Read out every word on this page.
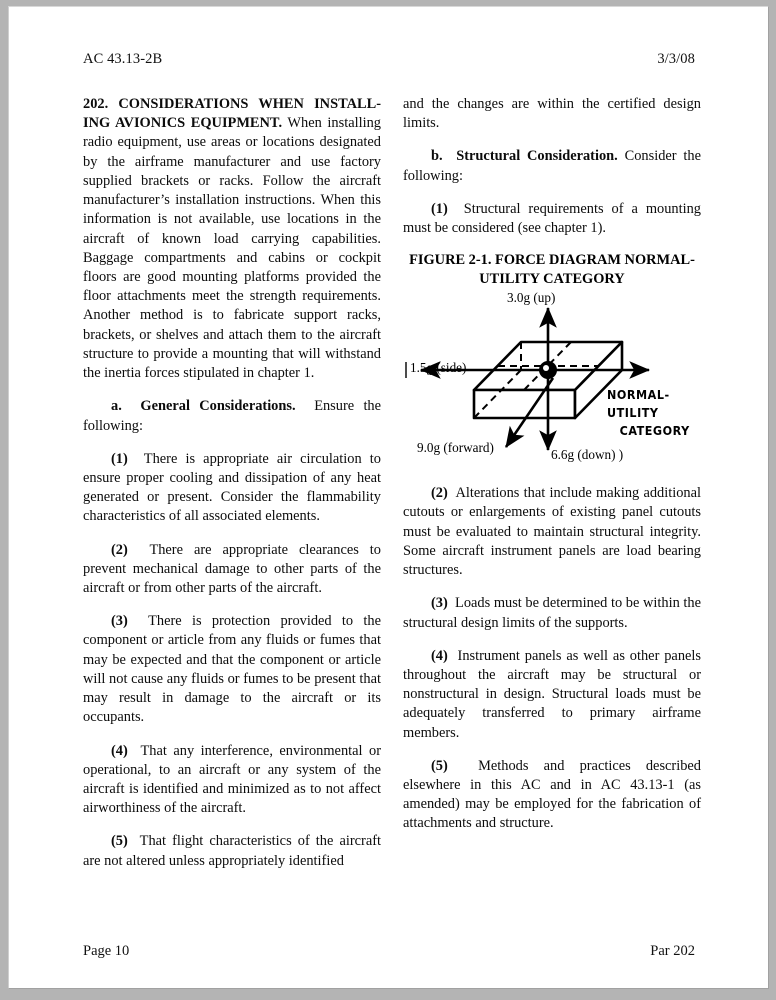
AC 43.13-2B	3/3/08

202. CONSIDERATIONS WHEN INSTALL-ING AVIONICS EQUIPMENT. When installing radio equipment, use areas or locations designated by the airframe manufacturer and use factory supplied brackets or racks. Follow the aircraft manufacturer’s installation instructions. When this information is not available, use locations in the aircraft of known load carrying capabilities. Baggage compartments and cabins or cockpit floors are good mounting platforms provided the floor attachments meet the strength requirements. Another method is to fabricate support racks, brackets, or shelves and attach them to the aircraft structure to provide a mounting that will withstand the inertia forces stipulated in chapter 1.

a. General Considerations. Ensure the following:

(1) There is appropriate air circulation to ensure proper cooling and dissipation of any heat generated or present. Consider the flammability characteristics of all associated elements.

(2) There are appropriate clearances to prevent mechanical damage to other parts of the aircraft or from other parts of the aircraft.

(3) There is protection provided to the component or article from any fluids or fumes that may be expected and that the component or article will not cause any fluids or fumes to be present that may result in damage to the aircraft or its occupants.

(4) That any interference, environmental or operational, to an aircraft or any system of the aircraft is identified and minimized as to not affect airworthiness of the aircraft.

(5) That flight characteristics of the aircraft are not altered unless appropriately identified

and the changes are within the certified design limits.

b. Structural Consideration. Consider the following:

(1) Structural requirements of a mounting must be considered (see chapter 1).

FIGURE 2-1. FORCE DIAGRAM NORMAL-
UTILITY CATEGORY
3.0g (up)
1.5g (side)
9.0g (forward)	6.6g (down) )
NORMAL-UTILITY
CATEGORY

(2) Alterations that include making additional cutouts or enlargements of existing panel cutouts must be evaluated to maintain structural integrity. Some aircraft instrument panels are load bearing structures.

(3) Loads must be determined to be within the structural design limits of the supports.

(4) Instrument panels as well as other panels throughout the aircraft may be structural or nonstructural in design. Structural loads must be adequately transferred to primary airframe members.

(5) Methods and practices described elsewhere in this AC and in AC 43.13-1 (as amended) may be employed for the fabrication of attachments and structure.

Page 10	Par 202
